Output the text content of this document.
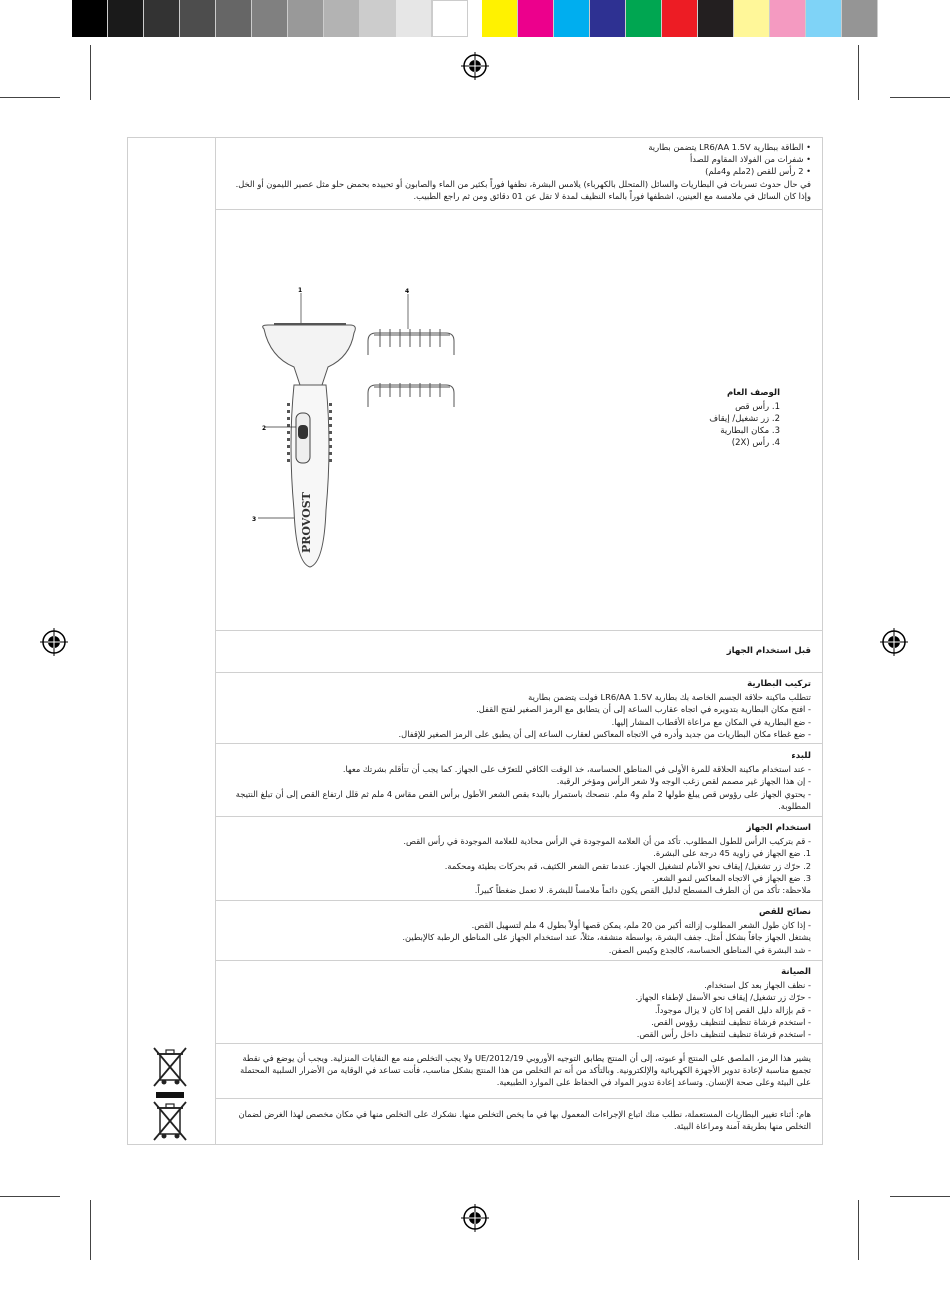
• الطاقة ببطارية LR6/AA 1.5V يتضمن بطارية

• شفرات من الفولاذ المقاوم للصدأ

• 2 رأس للقص (2ملم و4ملم)

في حال حدوث تسربات في البطاريات والسائل (المتحلل بالكهرباء) يلامس البشرة، نظفها فوراً بكثير من الماء والصابون أو تحييده بحمض حلو مثل عصير الليمون أو الخل. وإذا كان السائل في ملامسة مع العينين، اشطفها فوراً بالماء النظيف لمدة لا تقل عن 01 دقائق ومن ثم راجع الطبيب.

PROVOST
1
2
3
4

الوصف العام

1. رأس قص

2. زر تشغيل/ إيقاف

3. مكان البطارية

4. رأس (2X)

قبل استخدام الجهاز

تركيب البطارية

تتطلب ماكينة حلاقة الجسم الخاصة بك بطارية LR6/AA 1.5V فولت يتضمن بطارية

- افتح مكان البطارية بتدويره في اتجاه عقارب الساعة إلى أن يتطابق مع الرمز الصغير لفتح القفل.

- ضع البطارية في المكان مع مراعاة الأقطاب المشار إليها.

- ضع غطاء مكان البطاريات من جديد وأدره في الاتجاه المعاكس لعقارب الساعة إلى أن يطبق على الرمز الصغير للإقفال.

للبدء

- عند استخدام ماكينة الحلاقة للمرة الأولى في المناطق الحساسة، خذ الوقت الكافي للتعرّف على الجهاز. كما يجب أن تتأقلم بشرتك معها.

- إن هذا الجهاز غير مصمم لقص زغب الوجه ولا شعر الرأس ومؤخر الرقبة.

- يحتوي الجهاز على رؤوس قص يبلغ طولها 2 ملم و4 ملم. ننصحك باستمرار بالبدء بقص الشعر الأطول برأس القص مقاس 4 ملم ثم قلل ارتفاع القص إلى أن تبلغ النتيجة المطلوبة.

استخدام الجهاز

- قم بتركيب الرأس للطول المطلوب. تأكد من أن العلامة الموجودة في الرأس محاذية للعلامة الموجودة في رأس القص.

1. ضع الجهاز في زاوية 45 درجة على البشرة.

2. حرّك زر تشغيل/ إيقاف نحو الأمام لتشغيل الجهاز. عندما تقص الشعر الكثيف، قم بحركات بطيئة ومحكمة.

3. ضع الجهاز في الاتجاه المعاكس لنمو الشعر.

ملاحظة: تأكد من أن الطرف المسطح لدليل القص يكون دائماً ملامساً للبشرة. لا تعمل ضغطاً كبيراً.

نصائح للقص

- إذا كان طول الشعر المطلوب إزالته أكبر من 20 ملم، يمكن قصها أولاً بطول 4 ملم لتسهيل القص.

يشتغل الجهاز جافاً بشكل أمثل. جفف البشرة، بواسطة منشفة، مثلاً، عند استخدام الجهاز على المناطق الرطبة كالإبطين.

- شد البشرة في المناطق الحساسة، كالجذع وكيس الصفن.

الصيانة

- نظف الجهاز بعد كل استخدام.

- حرّك زر تشغيل/ إيقاف نحو الأسفل لإطفاء الجهاز.

- قم بإزالة دليل القص إذا كان لا يزال موجوداً.

- استخدم فرشاة تنظيف لتنظيف رؤوس القص.

- استخدم فرشاة تنظيف لتنظيف داخل رأس القص.

يشير هذا الرمز، الملصق على المنتج أو عبوته، إلى أن المنتج يطابق التوجيه الأوروبي 2012/19/UE ولا يجب التخلص منه مع النفايات المنزلية. ويجب أن يوضع في نقطة تجميع مناسبة لإعادة تدوير الأجهزة الكهربائية والإلكترونية. وبالتأكد من أنه تم التخلص من هذا المنتج بشكل مناسب، فأنت تساعد في الوقاية من الأضرار السلبية المحتملة على البيئة وعلى صحة الإنسان. وتساعد إعادة تدوير المواد في الحفاظ على الموارد الطبيعية.

هام: أثناء تغيير البطاريات المستعملة، نطلب منك اتباع الإجراءات المعمول بها في ما يخص التخلص منها. نشكرك على التخلص منها في مكان مخصص لهذا الغرض لضمان التخلص منها بطريقة آمنة ومراعاة البيئة.
